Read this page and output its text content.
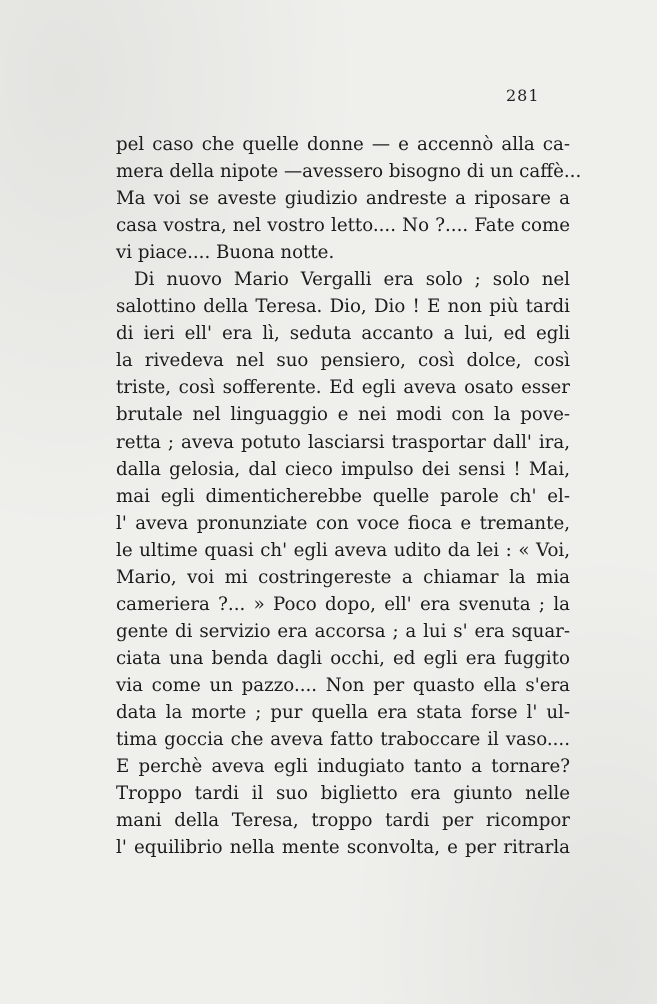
281
pel caso che quelle donne — e accennò alla ca-
mera della nipote —avessero bisogno di un caffè...
Ma voi se aveste giudizio andreste a riposare a
casa vostra, nel vostro letto.... No ?.... Fate come
vi piace.... Buona notte.
Di nuovo Mario Vergalli era solo ; solo nel
salottino della Teresa. Dio, Dio ! E non più tardi
di ieri ell' era lì, seduta accanto a lui, ed egli
la rivedeva nel suo pensiero, così dolce, così
triste, così sofferente. Ed egli aveva osato esser
brutale nel linguaggio e nei modi con la pove-
retta ; aveva potuto lasciarsi trasportar dall' ira,
dalla gelosia, dal cieco impulso dei sensi ! Mai,
mai egli dimenticherebbe quelle parole ch' el-
l' aveva pronunziate con voce fioca e tremante,
le ultime quasi ch' egli aveva udito da lei : « Voi,
Mario, voi mi costringereste a chiamar la mia
cameriera ?... » Poco dopo, ell' era svenuta ; la
gente di servizio era accorsa ; a lui s' era squar-
ciata una benda dagli occhi, ed egli era fuggito
via come un pazzo.... Non per quasto ella s'era
data la morte ; pur quella era stata forse l' ul-
tima goccia che aveva fatto traboccare il vaso....
E perchè aveva egli indugiato tanto a tornare?
Troppo tardi il suo biglietto era giunto nelle
mani della Teresa, troppo tardi per ricompor
l' equilibrio nella mente sconvolta, e per ritrarla
